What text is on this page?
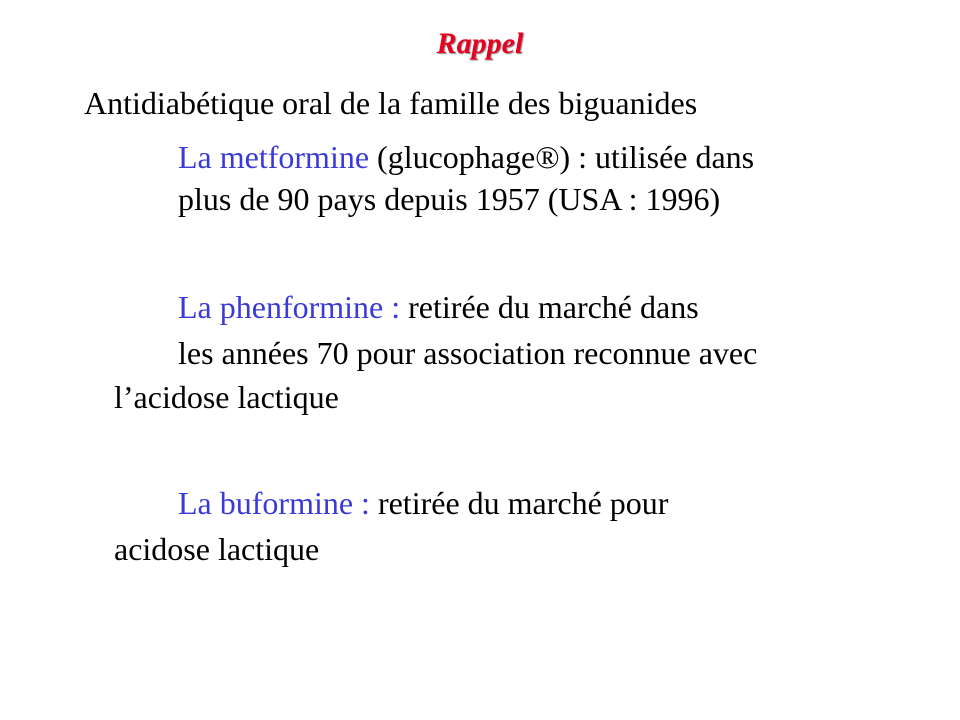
Rappel
Antidiabétique oral de la famille des biguanides
La metformine (glucophage®) : utilisée dans
plus de 90 pays depuis 1957 (USA : 1996)
La phenformine : retirée du marché dans
les années 70 pour association reconnue avec
l’acidose lactique
La buformine : retirée du marché pour
acidose lactique
